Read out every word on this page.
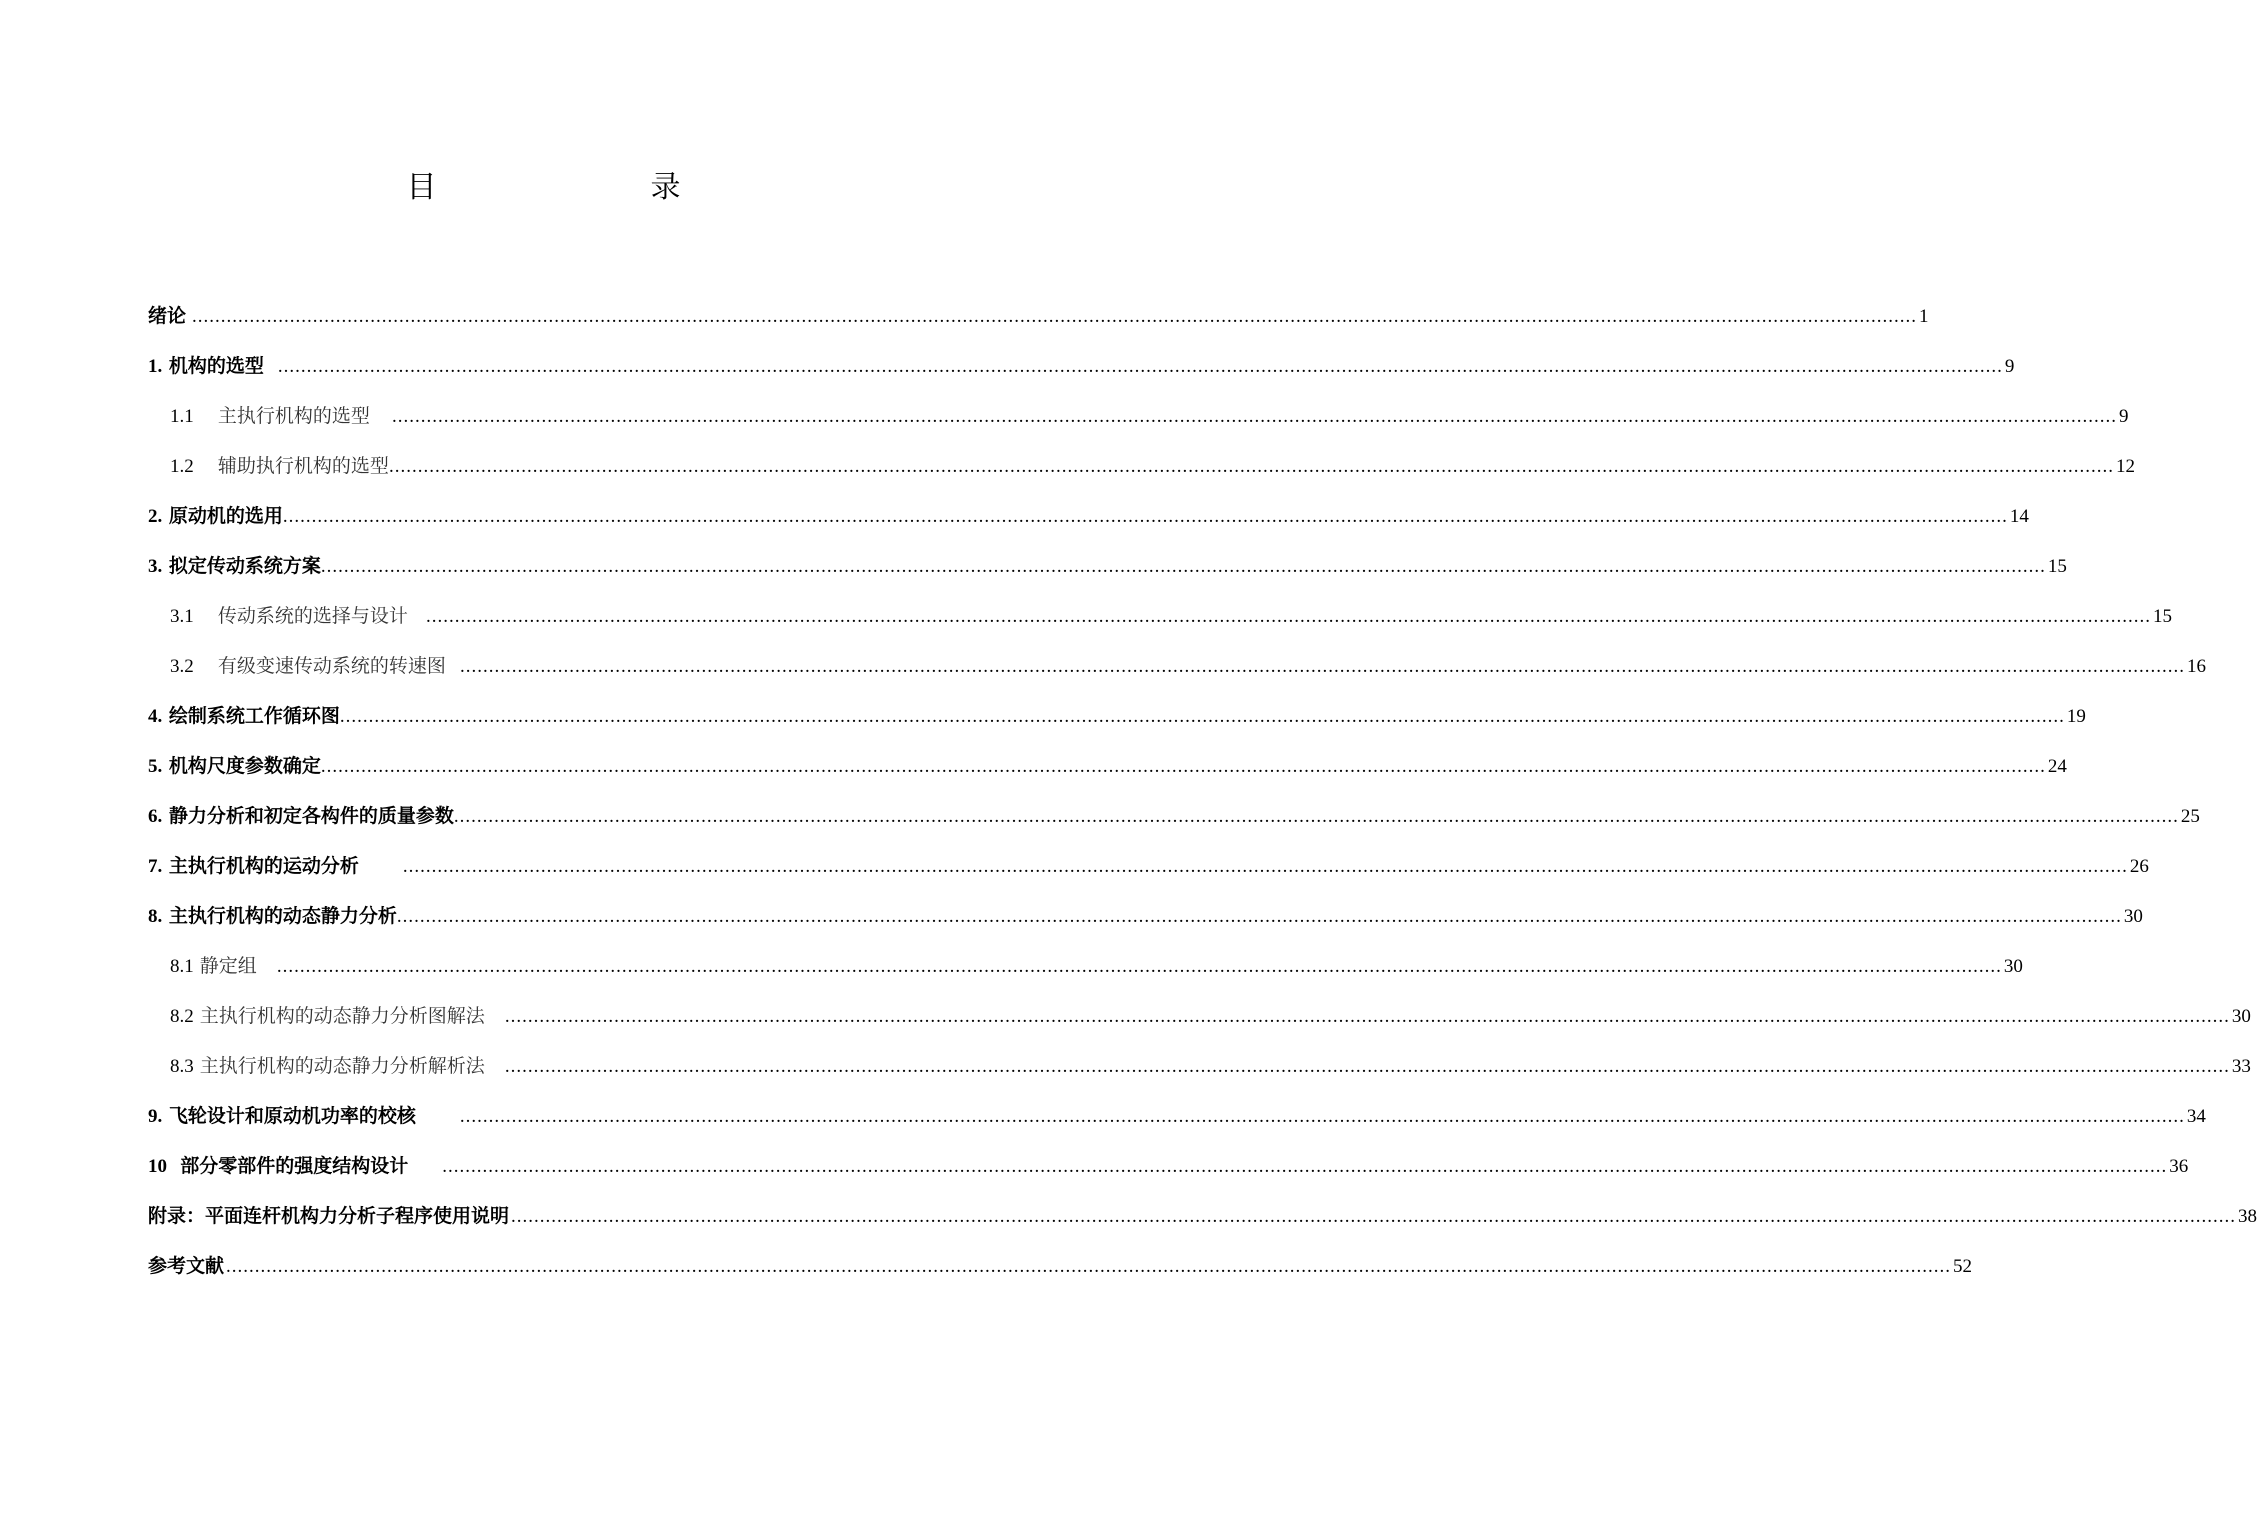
目　录
绪论 ............................................................................................................................................................................................................................................................................................................ 1
1. 机构的选型 ............................................................................................................................................................................................................................................................................................................ 9
1.1 主执行机构的选型 ............................................................................................................................................................................................................................................................................................................ 9
1.2 辅助执行机构的选型 ............................................................................................................................................................................................................................................................................................................ 12
2. 原动机的选用 ............................................................................................................................................................................................................................................................................................................ 14
3. 拟定传动系统方案 ............................................................................................................................................................................................................................................................................................................ 15
3.1 传动系统的选择与设计 ............................................................................................................................................................................................................................................................................................................ 15
3.2 有级变速传动系统的转速图 ............................................................................................................................................................................................................................................................................................................ 16
4. 绘制系统工作循环图 ............................................................................................................................................................................................................................................................................................................ 19
5. 机构尺度参数确定 ............................................................................................................................................................................................................................................................................................................ 24
6. 静力分析和初定各构件的质量参数 ............................................................................................................................................................................................................................................................................................................ 25
7. 主执行机构的运动分析 ............................................................................................................................................................................................................................................................................................................ 26
8. 主执行机构的动态静力分析 ............................................................................................................................................................................................................................................................................................................ 30
8.1 静定组 ............................................................................................................................................................................................................................................................................................................ 30
8.2 主执行机构的动态静力分析图解法 ............................................................................................................................................................................................................................................................................................................ 30
8.3 主执行机构的动态静力分析解析法 ............................................................................................................................................................................................................................................................................................................ 33
9. 飞轮设计和原动机功率的校核 ............................................................................................................................................................................................................................................................................................................ 34
10 部分零部件的强度结构设计 ............................................................................................................................................................................................................................................................................................................ 36
附录：平面连杆机构力分析子程序使用说明 ............................................................................................................................................................................................................................................................................................................ 38
参考文献 ............................................................................................................................................................................................................................................................................................................ 52
